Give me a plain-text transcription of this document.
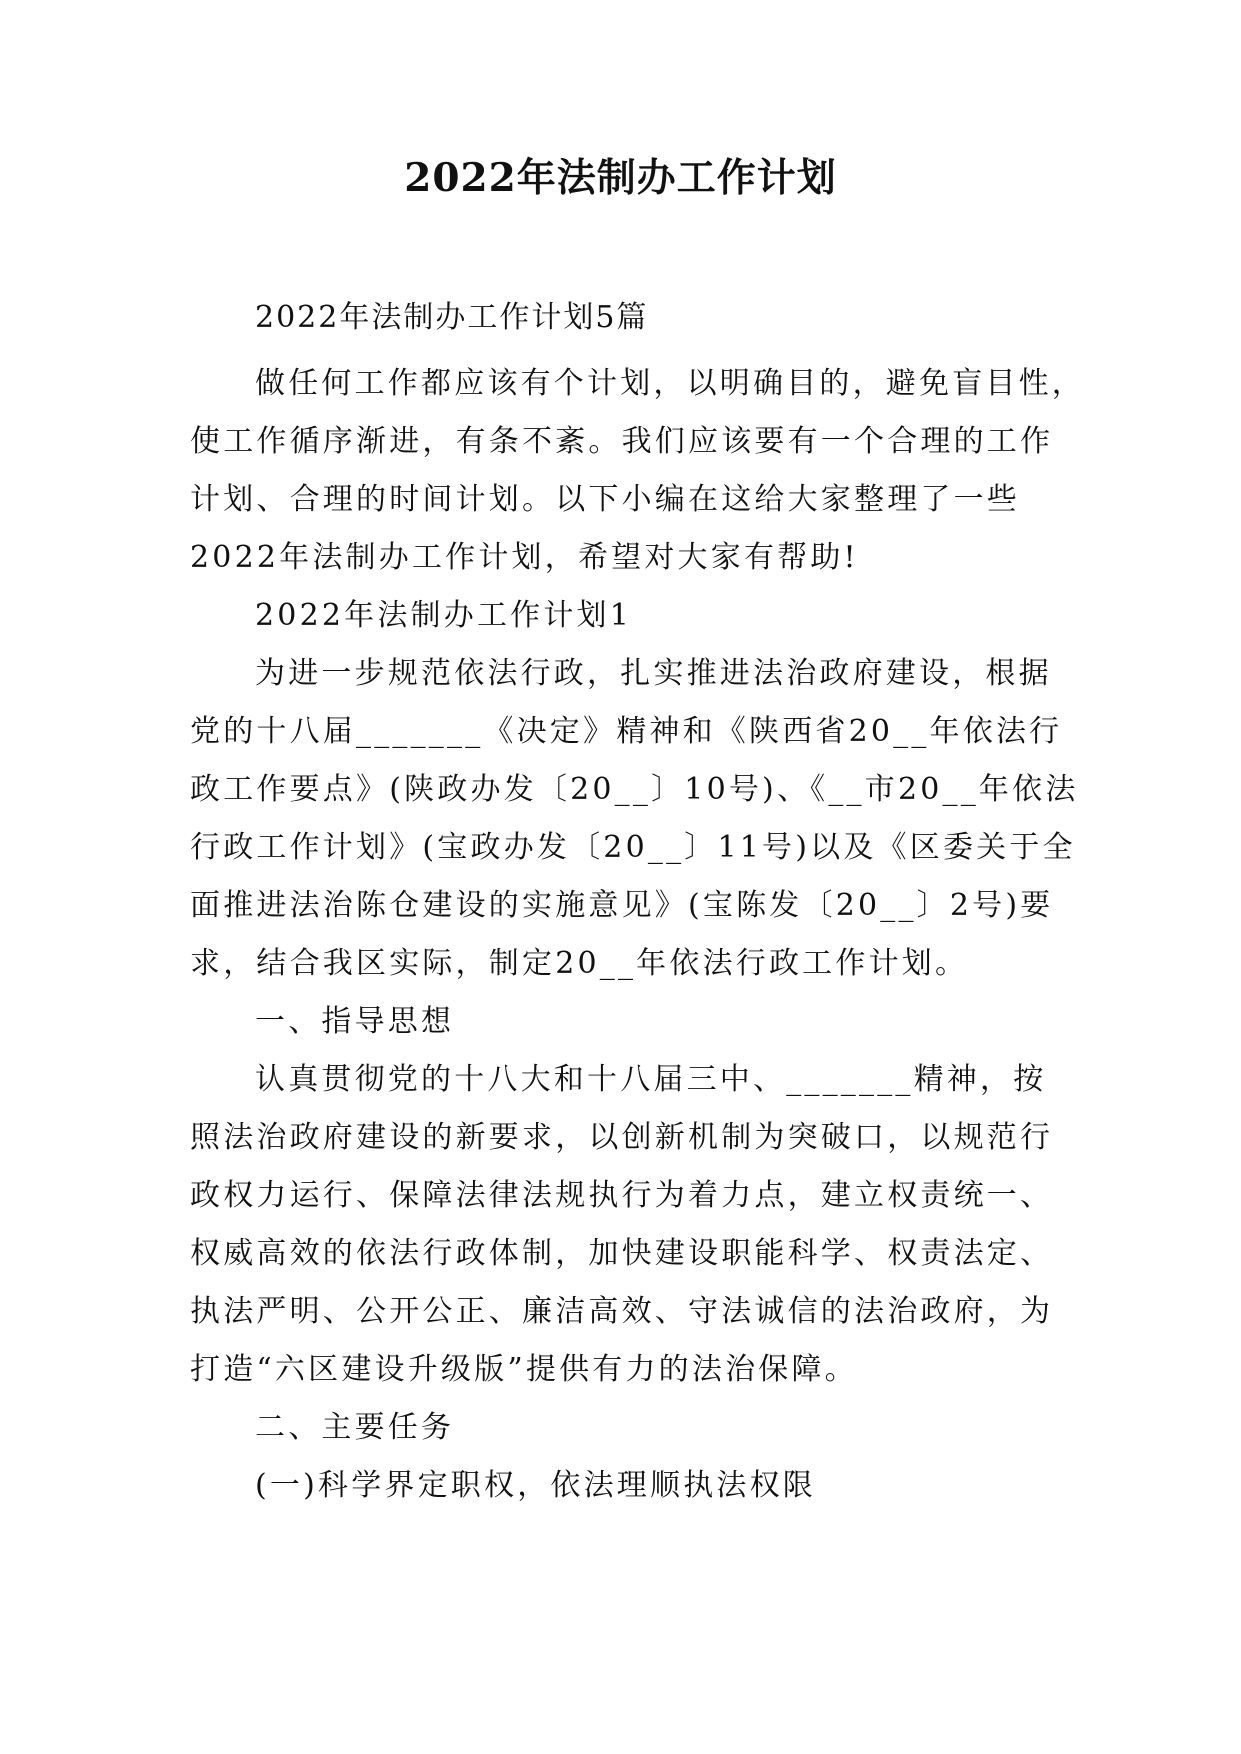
2022年法制办工作计划

2022年法制办工作计划5篇

做任何工作都应该有个计划，以明确目的，避免盲目性，

使工作循序渐进，有条不紊。我们应该要有一个合理的工作

计划、合理的时间计划。以下小编在这给大家整理了一些

2022年法制办工作计划，希望对大家有帮助!

2022年法制办工作计划1

为进一步规范依法行政，扎实推进法治政府建设，根据

党的十八届_______《决定》精神和《陕西省20__年依法行

政工作要点》(陕政办发〔20__〕10号)、《__市20__年依法

行政工作计划》(宝政办发〔20__〕11号)以及《区委关于全

面推进法治陈仓建设的实施意见》(宝陈发〔20__〕2号)要

求，结合我区实际，制定20__年依法行政工作计划。

一、指导思想

认真贯彻党的十八大和十八届三中、_______精神，按

照法治政府建设的新要求，以创新机制为突破口，以规范行

政权力运行、保障法律法规执行为着力点，建立权责统一、

权威高效的依法行政体制，加快建设职能科学、权责法定、

执法严明、公开公正、廉洁高效、守法诚信的法治政府，为

打造“六区建设升级版”提供有力的法治保障。

二、主要任务

(一)科学界定职权，依法理顺执法权限
